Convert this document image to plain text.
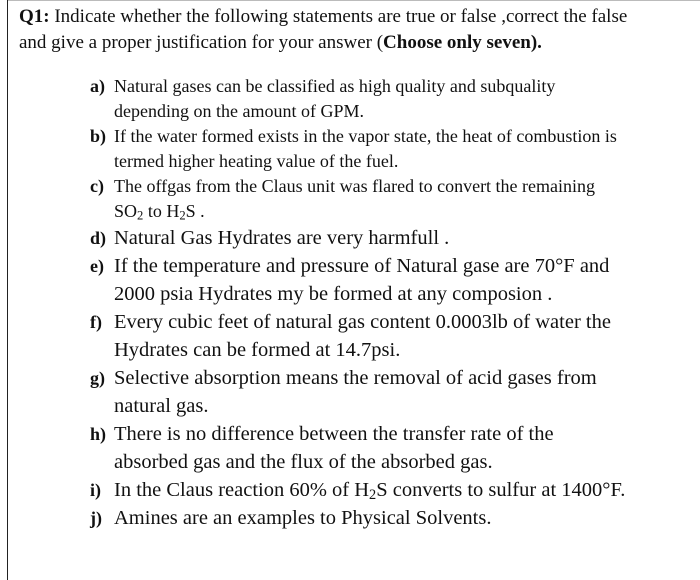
Q1: Indicate whether the following statements are true or false ,correct the false
and give a proper justification for your answer (Choose only seven).
a) Natural gases can be classified as high quality and subquality
depending on the amount of GPM.
b) If the water formed exists in the vapor state, the heat of combustion is
termed higher heating value of the fuel.
c) The offgas from the Claus unit was flared to convert the remaining
$SO_2$ to $H_2S$ .
d) Natural Gas Hydrates are very harmfull .
e) If the temperature and pressure of Natural gase are 70°F and
2000 psia Hydrates my be formed at any composion .
f) Every cubic feet of natural gas content 0.0003lb of water the
Hydrates can be formed at 14.7psi.
g) Selective absorption means the removal of acid gases from
natural gas.
h) There is no difference between the transfer rate of the
absorbed gas and the flux of the absorbed gas.
i) In the Claus reaction 60% of $H_2S$ converts to sulfur at 1400°F.
j) Amines are an examples to Physical Solvents.
